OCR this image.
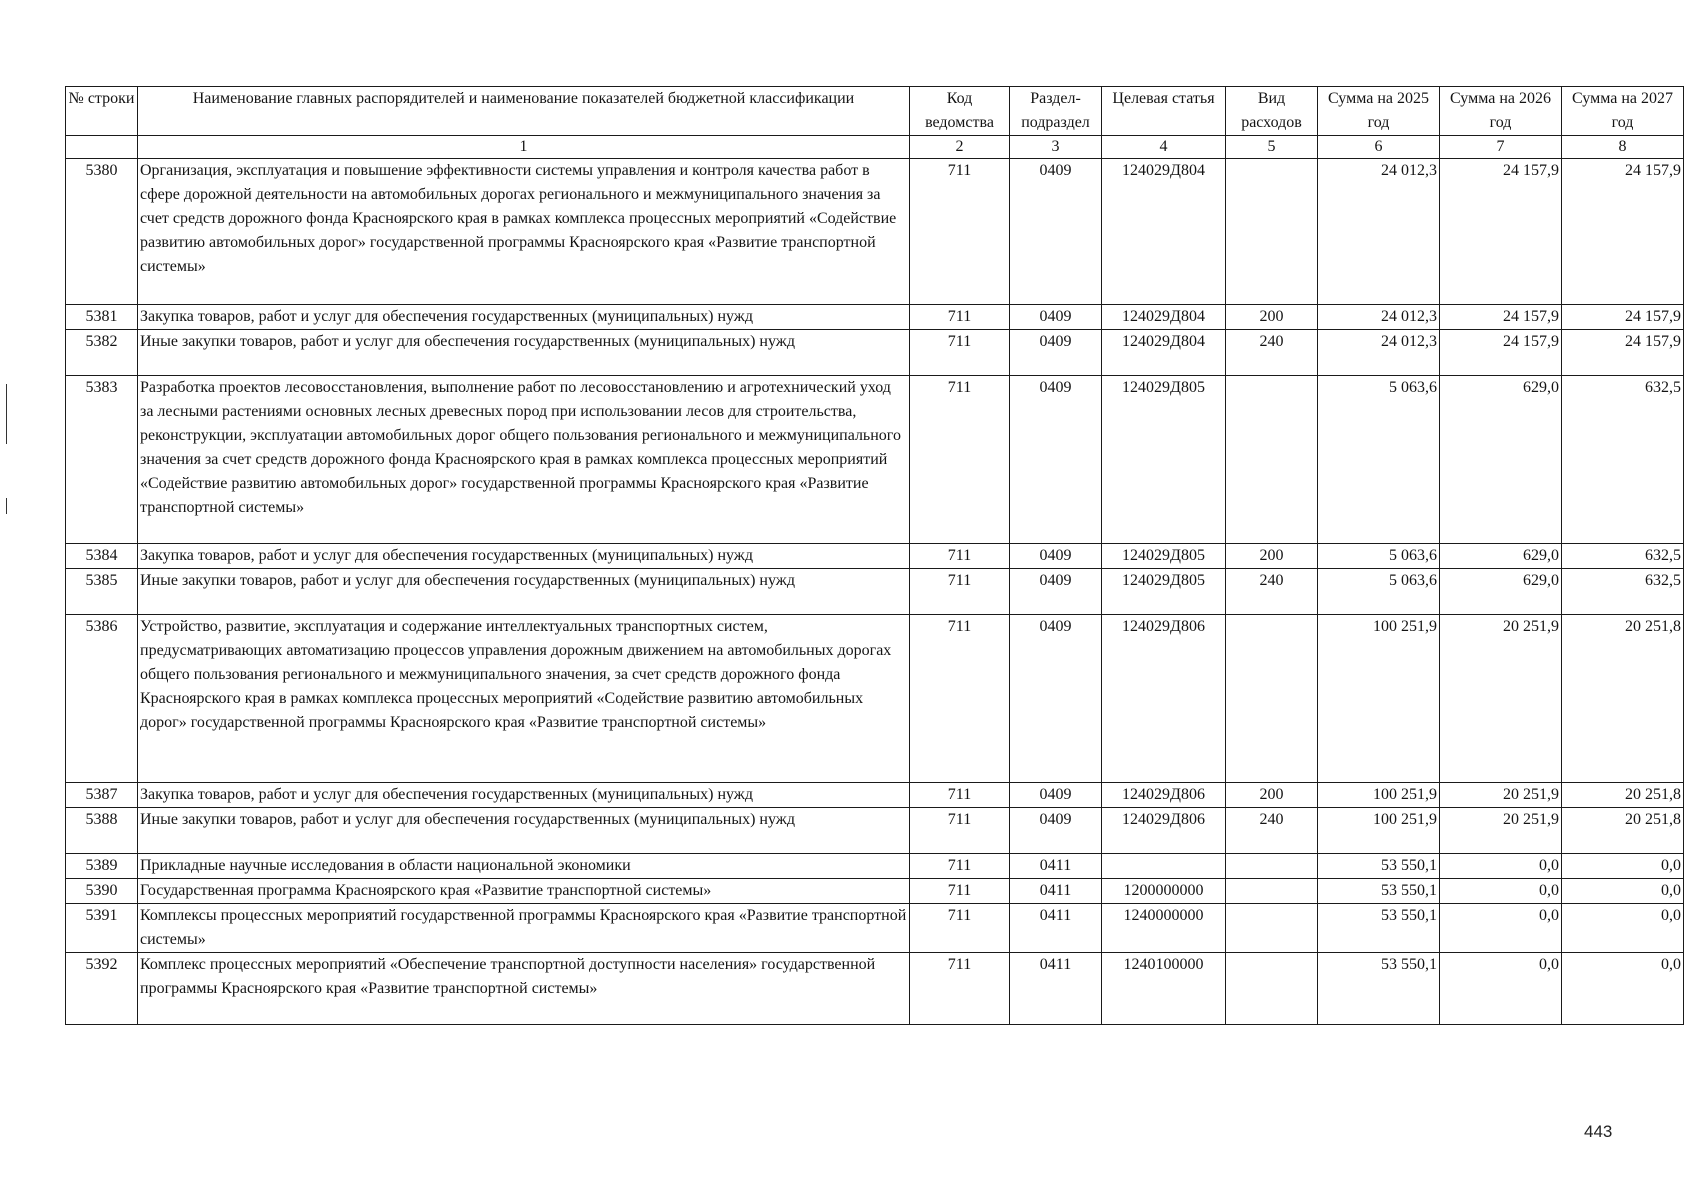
№ строки	Наименование главных распорядителей и наименование показателей бюджетной классификации	Код ведомства	Раздел-подраздел	Целевая статья	Вид расходов	Сумма на 2025 год	Сумма на 2026 год	Сумма на 2027 год
	1	2	3	4	5	6	7	8
5380	Организация, эксплуатация и повышение эффективности системы управления и контроля качества работ в сфере дорожной деятельности на автомобильных дорогах регионального и межмуниципального значения за счет средств дорожного фонда Красноярского края в рамках комплекса процессных мероприятий «Содействие развитию автомобильных дорог» государственной программы Красноярского края «Развитие транспортной системы»	711	0409	124029Д804		24 012,3	24 157,9	24 157,9
5381	Закупка товаров, работ и услуг для обеспечения государственных (муниципальных) нужд	711	0409	124029Д804	200	24 012,3	24 157,9	24 157,9
5382	Иные закупки товаров, работ и услуг для обеспечения государственных (муниципальных) нужд	711	0409	124029Д804	240	24 012,3	24 157,9	24 157,9
5383	Разработка проектов лесовосстановления, выполнение работ по лесовосстановлению и агротехнический уход за лесными растениями основных лесных древесных пород при использовании лесов для строительства, реконструкции, эксплуатации автомобильных дорог общего пользования регионального и межмуниципального значения за счет средств дорожного фонда Красноярского края в рамках комплекса процессных мероприятий «Содействие развитию автомобильных дорог» государственной программы Красноярского края «Развитие транспортной системы»	711	0409	124029Д805		5 063,6	629,0	632,5
5384	Закупка товаров, работ и услуг для обеспечения государственных (муниципальных) нужд	711	0409	124029Д805	200	5 063,6	629,0	632,5
5385	Иные закупки товаров, работ и услуг для обеспечения государственных (муниципальных) нужд	711	0409	124029Д805	240	5 063,6	629,0	632,5
5386	Устройство, развитие, эксплуатация и содержание интеллектуальных транспортных систем, предусматривающих автоматизацию процессов управления дорожным движением на автомобильных дорогах общего пользования регионального и межмуниципального значения, за счет средств дорожного фонда Красноярского края в рамках комплекса процессных мероприятий «Содействие развитию автомобильных дорог» государственной программы Красноярского края «Развитие транспортной системы»	711	0409	124029Д806		100 251,9	20 251,9	20 251,8
5387	Закупка товаров, работ и услуг для обеспечения государственных (муниципальных) нужд	711	0409	124029Д806	200	100 251,9	20 251,9	20 251,8
5388	Иные закупки товаров, работ и услуг для обеспечения государственных (муниципальных) нужд	711	0409	124029Д806	240	100 251,9	20 251,9	20 251,8
5389	Прикладные научные исследования в области национальной экономики	711	0411			53 550,1	0,0	0,0
5390	Государственная программа Красноярского края «Развитие транспортной системы»	711	0411	1200000000		53 550,1	0,0	0,0
5391	Комплексы процессных мероприятий государственной программы Красноярского края «Развитие транспортной системы»	711	0411	1240000000		53 550,1	0,0	0,0
5392	Комплекс процессных мероприятий «Обеспечение транспортной доступности населения» государственной программы Красноярского края «Развитие транспортной системы»	711	0411	1240100000		53 550,1	0,0	0,0
443
